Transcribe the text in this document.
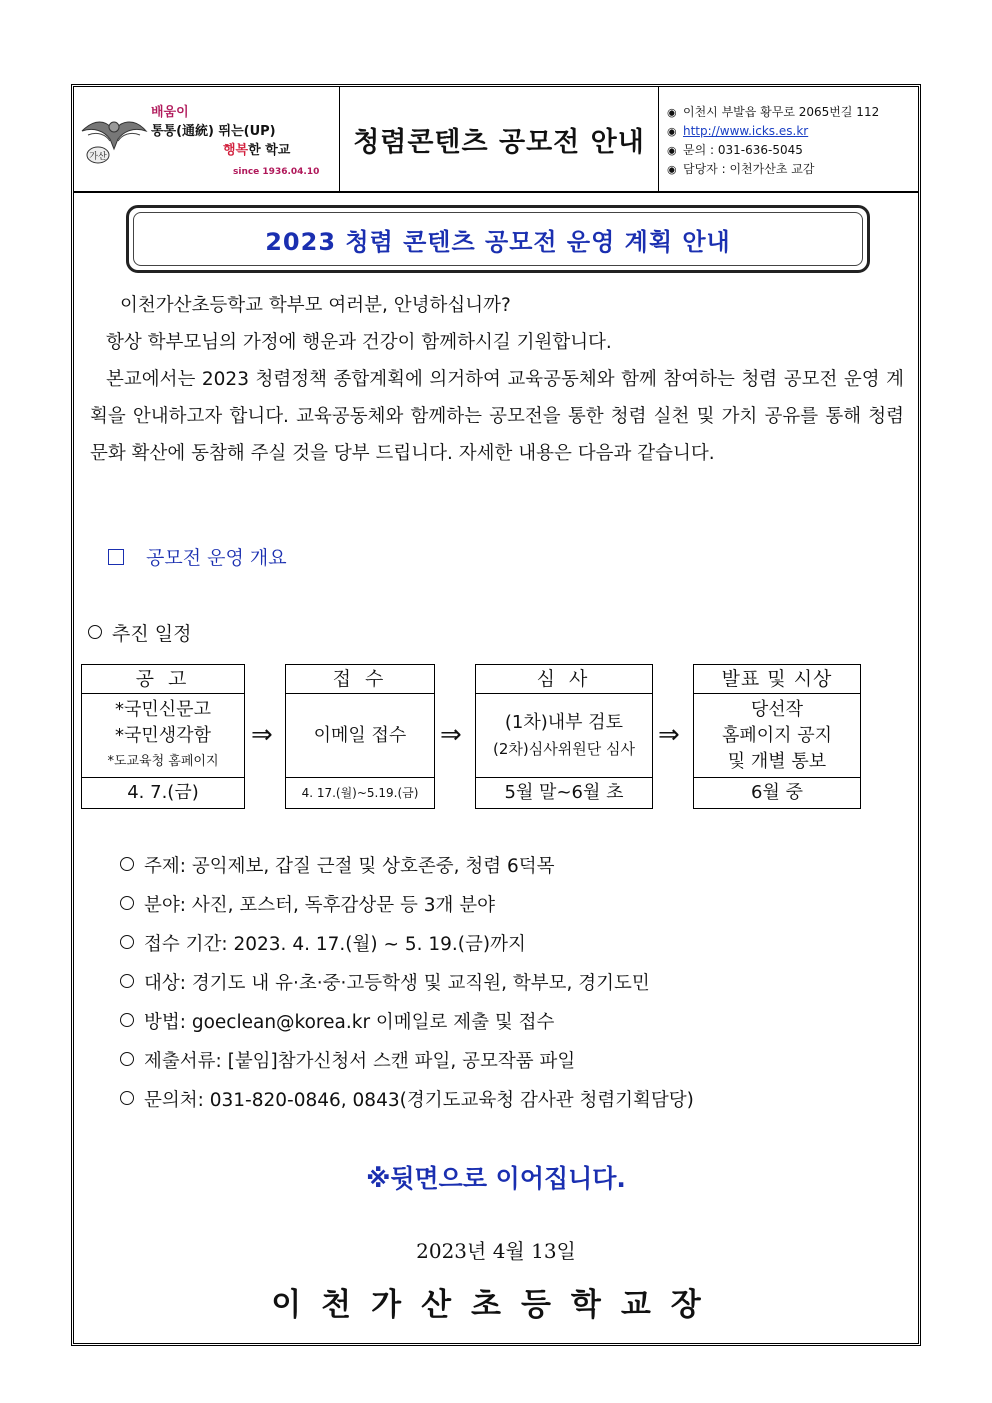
가산
배움이
통통(通統) 뛰는(UP)
행복한 학교
since 1936.04.10
청렴콘텐츠 공모전 안내
◉ 이천시 부발읍 황무로 2065번길 112
◉ http://www.icks.es.kr
◉ 문의 : 031-636-5045
◉ 담당자 : 이천가산초 교감
2023 청렴 콘텐츠 공모전 운영 계획 안내
이천가산초등학교 학부모 여러분, 안녕하십니까?
항상 학부모님의 가정에 행운과 건강이 함께하시길 기원합니다.
본교에서는 2023 청렴정책 종합계획에 의거하여 교육공동체와 함께 참여하는 청렴 공모전 운영 계획을 안내하고자 합니다. 교육공동체와 함께하는 공모전을 통한 청렴 실천 및 가치 공유를 통해 청렴문화 확산에 동참해 주실 것을 당부 드립니다. 자세한 내용은 다음과 같습니다.
공모전 운영 개요
추진 일정
공 고
*국민신문고
*국민생각함
*도교육청 홈페이지
4. 7.(금)
⇒
접 수
이메일 접수
4. 17.(월)~5.19.(금)
⇒
심 사
(1차)내부 검토
(2차)심사위원단 심사
5월 말~6월 초
⇒
발표 및 시상
당선작
홈페이지 공지
및 개별 통보
6월 중
주제: 공익제보, 갑질 근절 및 상호존중, 청렴 6덕목
분야: 사진, 포스터, 독후감상문 등 3개 분야
접수 기간: 2023. 4. 17.(월) ~ 5. 19.(금)까지
대상: 경기도 내 유·초·중·고등학생 및 교직원, 학부모, 경기도민
방법: goeclean@korea.kr 이메일로 제출 및 접수
제출서류: [붙임]참가신청서 스캔 파일, 공모작품 파일
문의처: 031-820-0846, 0843(경기도교육청 감사관 청렴기획담당)
※뒷면으로 이어집니다.
2023년 4월 13일
이천가산초등학교장
